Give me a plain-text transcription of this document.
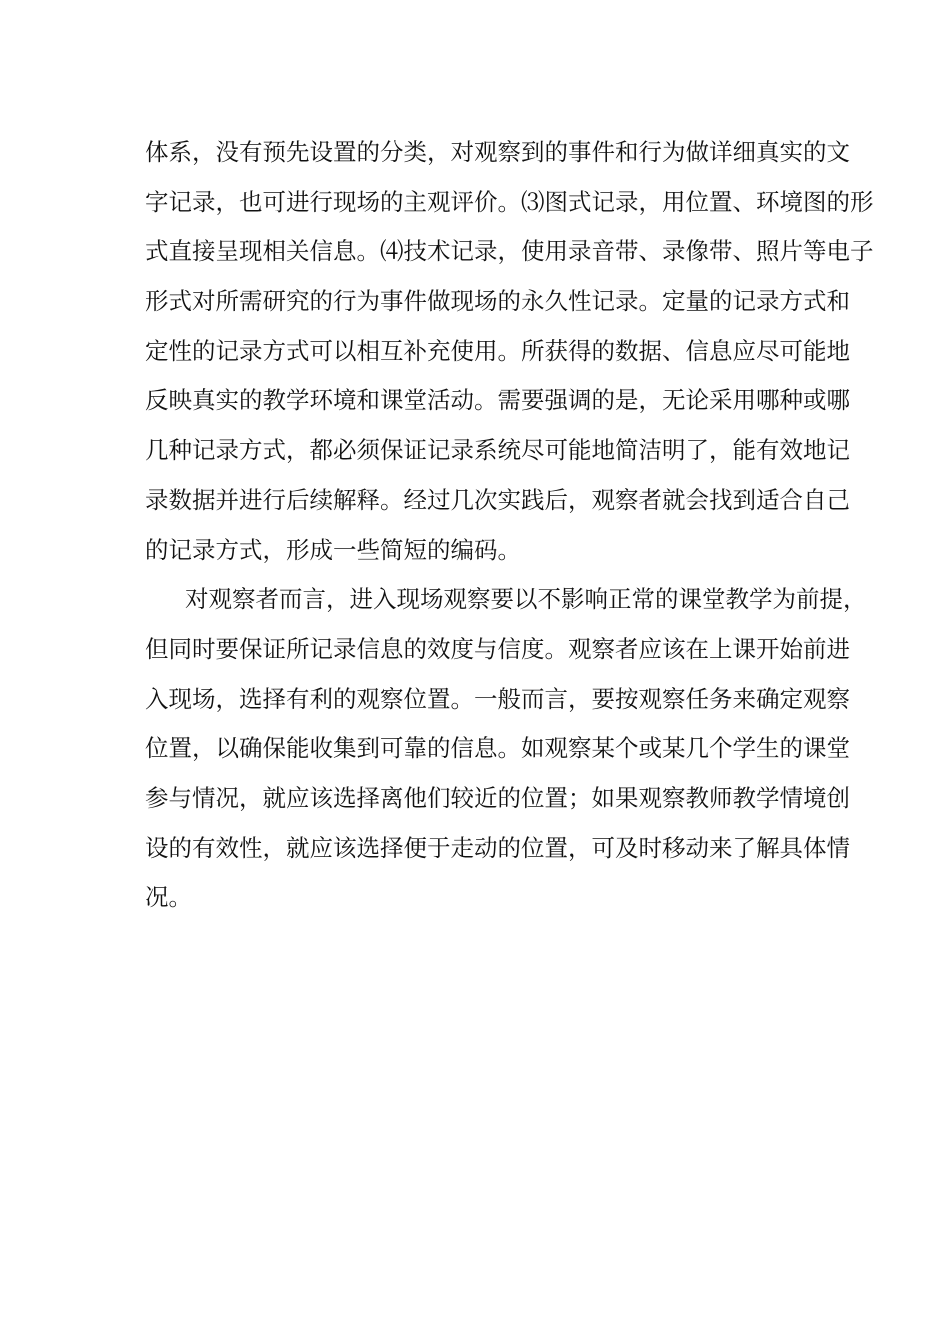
体系，没有预先设置的分类，对观察到的事件和行为做详细真实的文
字记录，也可进行现场的主观评价。⑶图式记录，用位置、环境图的形
式直接呈现相关信息。⑷技术记录，使用录音带、录像带、照片等电子
形式对所需研究的行为事件做现场的永久性记录。定量的记录方式和
定性的记录方式可以相互补充使用。所获得的数据、信息应尽可能地
反映真实的教学环境和课堂活动。需要强调的是，无论采用哪种或哪
几种记录方式，都必须保证记录系统尽可能地简洁明了，能有效地记
录数据并进行后续解释。经过几次实践后，观察者就会找到适合自己
的记录方式，形成一些简短的编码。
对观察者而言，进入现场观察要以不影响正常的课堂教学为前提，
但同时要保证所记录信息的效度与信度。观察者应该在上课开始前进
入现场，选择有利的观察位置。一般而言，要按观察任务来确定观察
位置，以确保能收集到可靠的信息。如观察某个或某几个学生的课堂
参与情况，就应该选择离他们较近的位置；如果观察教师教学情境创
设的有效性，就应该选择便于走动的位置，可及时移动来了解具体情
况。
